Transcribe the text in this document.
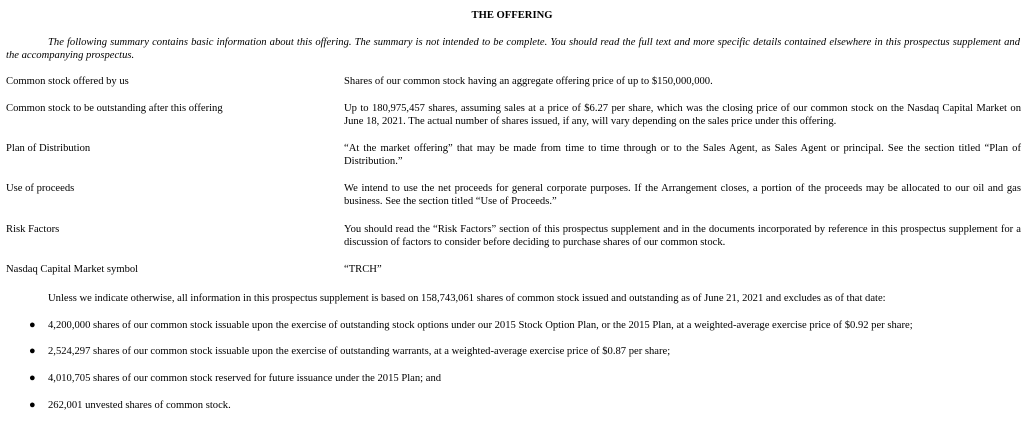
THE OFFERING
The following summary contains basic information about this offering. The summary is not intended to be complete. You should read the full text and more specific details contained elsewhere in this prospectus supplement and the accompanying prospectus.
Common stock offered by us	Shares of our common stock having an aggregate offering price of up to $150,000,000.
Common stock to be outstanding after this offering	Up to 180,975,457 shares, assuming sales at a price of $6.27 per share, which was the closing price of our common stock on the Nasdaq Capital Market on June 18, 2021. The actual number of shares issued, if any, will vary depending on the sales price under this offering.
Plan of Distribution	“At the market offering” that may be made from time to time through or to the Sales Agent, as Sales Agent or principal. See the section titled “Plan of Distribution.”
Use of proceeds	We intend to use the net proceeds for general corporate purposes. If the Arrangement closes, a portion of the proceeds may be allocated to our oil and gas business. See the section titled “Use of Proceeds.”
Risk Factors	You should read the “Risk Factors” section of this prospectus supplement and in the documents incorporated by reference in this prospectus supplement for a discussion of factors to consider before deciding to purchase shares of our common stock.
Nasdaq Capital Market symbol	“TRCH”
Unless we indicate otherwise, all information in this prospectus supplement is based on 158,743,061 shares of common stock issued and outstanding as of June 21, 2021 and excludes as of that date:
● 4,200,000 shares of our common stock issuable upon the exercise of outstanding stock options under our 2015 Stock Option Plan, or the 2015 Plan, at a weighted-average exercise price of $0.92 per share;
● 2,524,297 shares of our common stock issuable upon the exercise of outstanding warrants, at a weighted-average exercise price of $0.87 per share;
● 4,010,705 shares of our common stock reserved for future issuance under the 2015 Plan; and
● 262,001 unvested shares of common stock.
